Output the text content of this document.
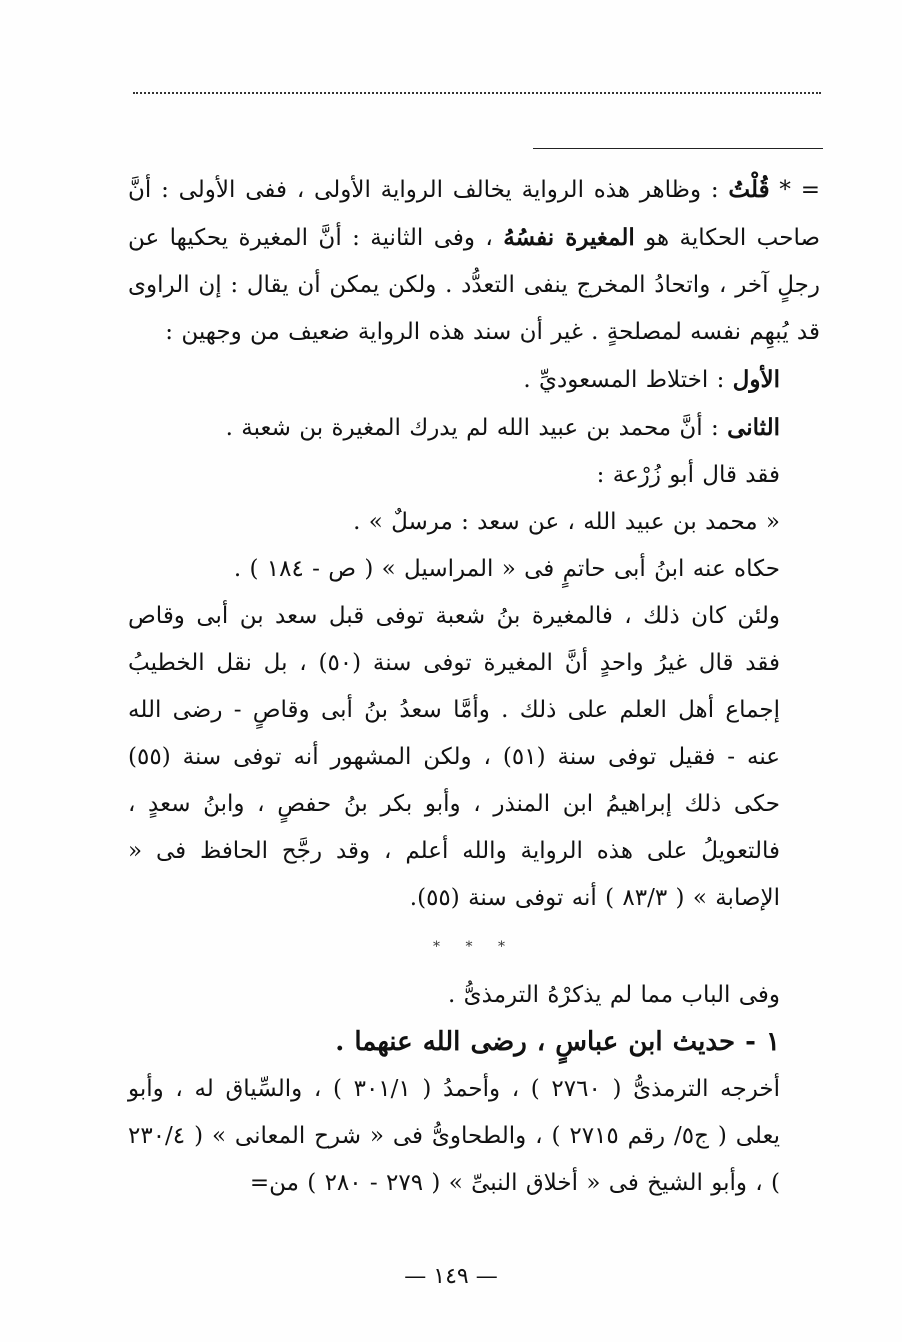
= * قُلْتُ : وظاهر هذه الرواية يخالف الرواية الأولى ، ففى الأولى : أنَّ صاحب الحكاية هو المغيرة نفسُهُ ، وفى الثانية : أنَّ المغيرة يحكيها عن رجلٍ آخر ، واتحادُ المخرج ينفى التعدُّد . ولكن يمكن أن يقال : إن الراوى قد يُبهِم نفسه لمصلحةٍ . غير أن سند هذه الرواية ضعيف من وجهين :

الأول : اختلاط المسعوديِّ .

الثانى : أنَّ محمد بن عبيد الله لم يدرك المغيرة بن شعبة .

فقد قال أبو زُرْعة :

« محمد بن عبيد الله ، عن سعد : مرسلٌ » .

حكاه عنه ابنُ أبى حاتمٍ فى « المراسيل » ( ص - ١٨٤ ) .

ولئن كان ذلك ، فالمغيرة بنُ شعبة توفى قبل سعد بن أبى وقاص فقد قال غيرُ واحدٍ أنَّ المغيرة توفى سنة (٥٠) ، بل نقل الخطيبُ إجماع أهل العلم على ذلك . وأمَّا سعدُ بنُ أبى وقاصٍ - رضى الله عنه - فقيل توفى سنة (٥١) ، ولكن المشهور أنه توفى سنة (٥٥) حكى ذلك إبراهيمُ ابن المنذر ، وأبو بكر بنُ حفصٍ ، وابنُ سعدٍ ، فالتعويلُ على هذه الرواية والله أعلم ، وقد رجَّح الحافظ فى « الإصابة » ( ٨٣/٣ ) أنه توفى سنة (٥٥).

* * *

وفى الباب مما لم يذكرْهُ الترمذىُّ .

١ - حديث ابن عباسٍ ، رضى الله عنهما .

أخرجه الترمذىُّ ( ٢٧٦٠ ) ، وأحمدُ ( ٣٠١/١ ) ، والسِّياق له ، وأبو يعلى ( ج٥/ رقم ٢٧١٥ ) ، والطحاوىُّ فى « شرح المعانى » ( ٢٣٠/٤ ) ، وأبو الشيخ فى « أخلاق النبىِّ » ( ٢٧٩ - ٢٨٠ ) من=

— ١٤٩ —
